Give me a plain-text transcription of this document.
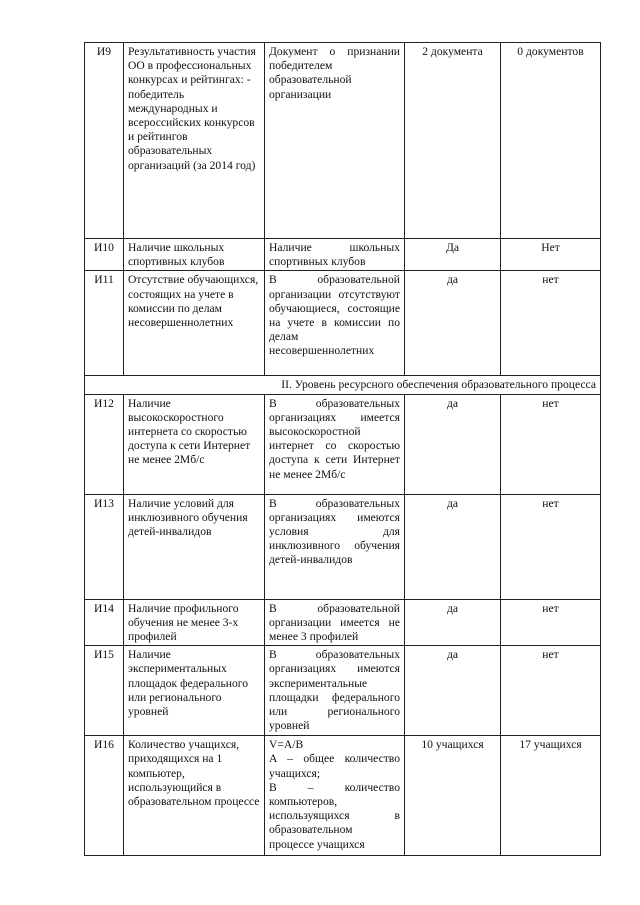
И9	Результативность участия ОО в профессиональных конкурсах и рейтингах: - победитель международных и всероссийских конкурсов и рейтингов образовательных организаций (за 2014 год)	Документ о признании победителем образовательной организации	2 документа	0 документов
И10	Наличие школьных спортивных клубов	Наличие школьных спортивных клубов	Да	Нет
И11	Отсутствие обучающихся, состоящих на учете в комиссии по делам несовершеннолетних	В образовательной организации отсутствуют обучающиеся, состоящие на учете в комиссии по делам несовершеннолетних	да	нет
II. Уровень ресурсного обеспечения образовательного процесса				
И12	Наличие высокоскоростного интернета со скоростью доступа к сети Интернет не менее 2Мб/с	В образовательных организациях имеется высокоскоростной интернет со скоростью доступа к сети Интернет не менее 2Мб/с	да	нет
И13	Наличие условий для инклюзивного обучения детей-инвалидов	В образовательных организациях имеются условия для инклюзивного обучения детей-инвалидов	да	нет
И14	Наличие профильного обучения не менее 3-х профилей	В образовательной организации имеется не менее 3 профилей	да	нет
И15	Наличие экспериментальных площадок федерального или регионального уровней	В образовательных организациях имеются экспериментальные площадки федерального или регионального уровней	да	нет
И16	Количество учащихся, приходящихся на 1 компьютер, использующийся в образовательном процессе	V=A/B
A – общее количество учащихся;
B – количество компьютеров, используящихся в образовательном процессе учащихся	10 учащихся	17 учащихся
